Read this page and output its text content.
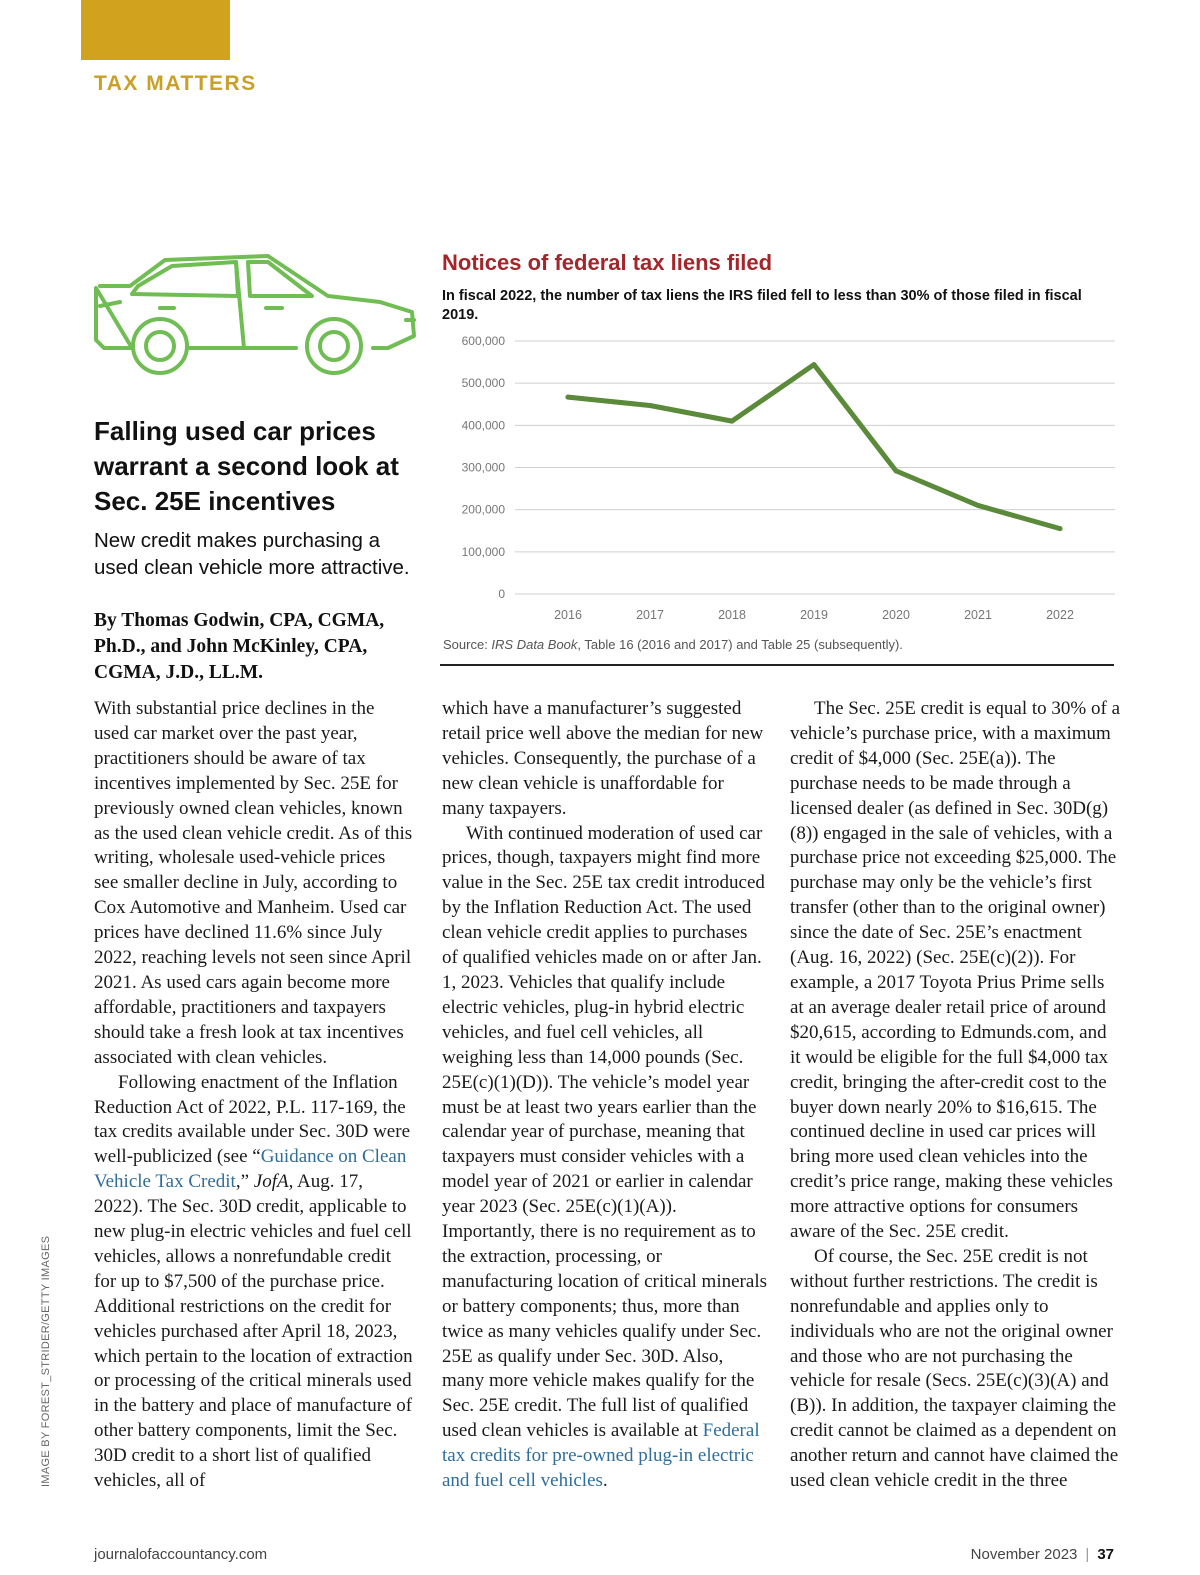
TAX MATTERS
Falling used car prices warrant a second look at Sec. 25E incentives
New credit makes purchasing a used clean vehicle more attractive.
By Thomas Godwin, CPA, CGMA, Ph.D., and John McKinley, CPA, CGMA, J.D., LL.M.
Notices of federal tax liens filed
In fiscal 2022, the number of tax liens the IRS filed fell to less than 30% of those filed in fiscal 2019.
0
100,000
200,000
300,000
400,000
500,000
600,000
2016	2017	2018	2019	2020	2021	2022
Source: IRS Data Book, Table 16 (2016 and 2017) and Table 25 (subsequently).

With substantial price declines in the used car market over the past year, practitioners should be aware of tax incentives implemented by Sec. 25E for previously owned clean vehicles, known as the used clean vehicle credit. As of this writing, wholesale used-vehicle prices see smaller decline in July, according to Cox Automotive and Manheim. Used car prices have declined 11.6% since July 2022, reaching levels not seen since April 2021. As used cars again become more affordable, practitioners and taxpayers should take a fresh look at tax incentives associated with clean vehicles.

Following enactment of the Inflation Reduction Act of 2022, P.L. 117-169, the tax credits available under Sec. 30D were well-publicized (see “Guidance on Clean Vehicle Tax Credit,” JofA, Aug. 17, 2022). The Sec. 30D credit, applicable to new plug-in electric vehicles and fuel cell vehicles, allows a nonrefundable credit for up to $7,500 of the purchase price. Additional restrictions on the credit for vehicles purchased after April 18, 2023, which pertain to the location of extraction or processing of the critical minerals used in the battery and place of manufacture of other battery components, limit the Sec. 30D credit to a short list of qualified vehicles, all of

which have a manufacturer’s suggested retail price well above the median for new vehicles. Consequently, the purchase of a new clean vehicle is unaffordable for many taxpayers.

With continued moderation of used car prices, though, taxpayers might find more value in the Sec. 25E tax credit introduced by the Inflation Reduction Act. The used clean vehicle credit applies to purchases of qualified vehicles made on or after Jan. 1, 2023. Vehicles that qualify include electric vehicles, plug-in hybrid electric vehicles, and fuel cell vehicles, all weighing less than 14,000 pounds (Sec. 25E(c)(1)(D)). The vehicle’s model year must be at least two years earlier than the calendar year of purchase, meaning that taxpayers must consider vehicles with a model year of 2021 or earlier in calendar year 2023 (Sec. 25E(c)(1)(A)). Importantly, there is no requirement as to the extraction, processing, or manufacturing location of critical minerals or battery components; thus, more than twice as many vehicles qualify under Sec. 25E as qualify under Sec. 30D. Also, many more vehicle makes qualify for the Sec. 25E credit. The full list of qualified used clean vehicles is available at Federal tax credits for pre-owned plug-in electric and fuel cell vehicles.

The Sec. 25E credit is equal to 30% of a vehicle’s purchase price, with a maximum credit of $4,000 (Sec. 25E(a)). The purchase needs to be made through a licensed dealer (as defined in Sec. 30D(g)(8)) engaged in the sale of vehicles, with a purchase price not exceeding $25,000. The purchase may only be the vehicle’s first transfer (other than to the original owner) since the date of Sec. 25E’s enactment (Aug. 16, 2022) (Sec. 25E(c)(2)). For example, a 2017 Toyota Prius Prime sells at an average dealer retail price of around $20,615, according to Edmunds.com, and it would be eligible for the full $4,000 tax credit, bringing the after-credit cost to the buyer down nearly 20% to $16,615. The continued decline in used car prices will bring more used clean vehicles into the credit’s price range, making these vehicles more attractive options for consumers aware of the Sec. 25E credit.

Of course, the Sec. 25E credit is not without further restrictions. The credit is nonrefundable and applies only to individuals who are not the original owner and those who are not purchasing the vehicle for resale (Secs. 25E(c)(3)(A) and (B)). In addition, the taxpayer claiming the credit cannot be claimed as a dependent on another return and cannot have claimed the used clean vehicle credit in the three

IMAGE BY FOREST_STRIDER/GETTY IMAGES
journalofaccountancy.com	November 2023 | 37
